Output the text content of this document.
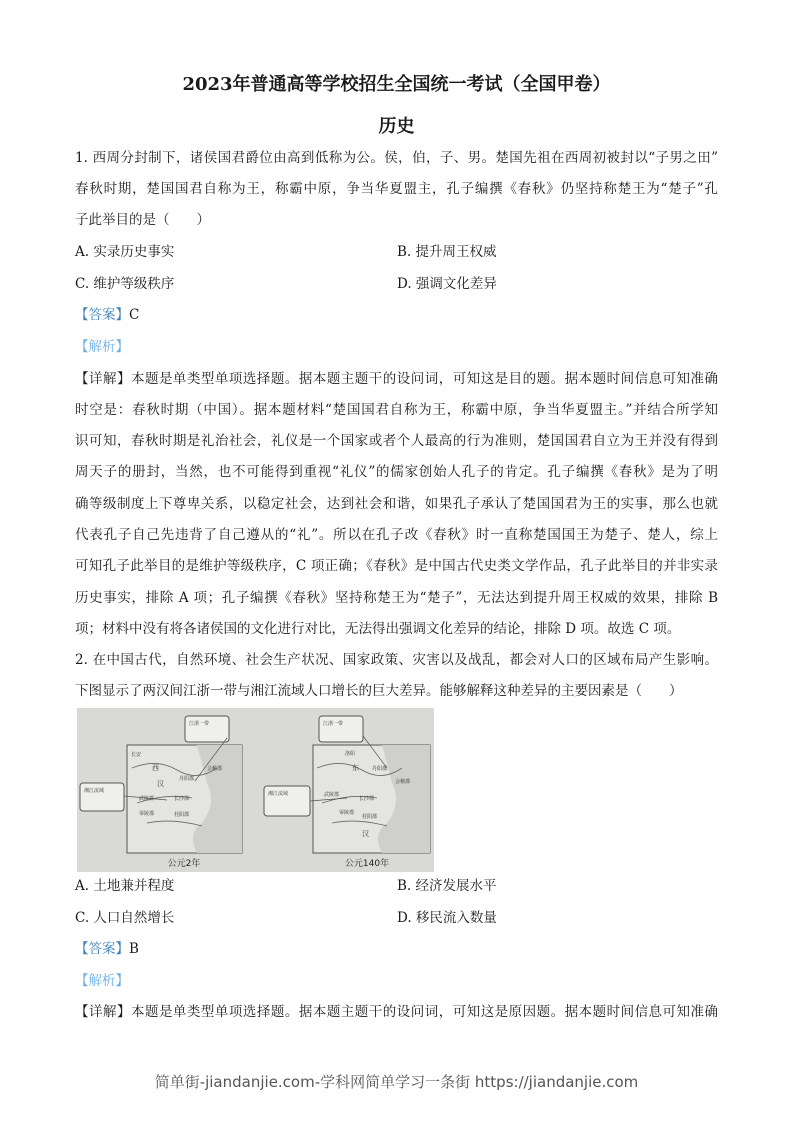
2023年普通高等学校招生全国统一考试（全国甲卷）
历史
1. 西周分封制下，诸侯国君爵位由高到低称为公。侯，伯，子、男。楚国先祖在西周初被封以“子男之田”
春秋时期，楚国国君自称为王，称霸中原，争当华夏盟主，孔子编撰《春秋》仍坚持称楚王为“楚子”孔
子此举目的是（　　）
A. 实录历史事实	B. 提升周王权威
C. 维护等级秩序	D. 强调文化差异
【答案】C
【解析】
【详解】本题是单类型单项选择题。据本题主题干的设问词，可知这是目的题。据本题时间信息可知准确
时空是：春秋时期（中国）。据本题材料“楚国国君自称为王，称霸中原，争当华夏盟主。”并结合所学知
识可知，春秋时期是礼治社会，礼仪是一个国家或者个人最高的行为准则，楚国国君自立为王并没有得到
周天子的册封，当然，也不可能得到重视“礼仪”的儒家创始人孔子的肯定。孔子编撰《春秋》是为了明
确等级制度上下尊卑关系，以稳定社会，达到社会和谐，如果孔子承认了楚国国君为王的实事，那么也就
代表孔子自己先违背了自己遵从的“礼”。所以在孔子改《春秋》时一直称楚国国王为楚子、楚人，综上
可知孔子此举目的是维护等级秩序，C 项正确；《春秋》是中国古代史类文学作品，孔子此举目的并非实录
历史事实，排除 A 项；孔子编撰《春秋》坚持称楚王为“楚子”，无法达到提升周王权威的效果，排除 B
项；材料中没有将各诸侯国的文化进行对比，无法得出强调文化差异的结论，排除 D 项。故选 C 项。
2. 在中国古代，自然环境、社会生产状况、国家政策、灾害以及战乱，都会对人口的区域布局产生影响。
下图显示了两汉间江浙一带与湘江流域人口增长的巨大差异。能够解释这种差异的主要因素是（　　）
江浙一带
湘江流域
长安
西
汉
武陵郡	长沙郡
零陵郡	桂阳郡
丹阳郡
会稽郡
公元2年
江浙一带
湘江流域
洛阳
东
汉
武陵郡
长沙郡
零陵郡
桂阳郡
丹阳郡
会稽郡
公元140年
A. 土地兼并程度	B. 经济发展水平
C. 人口自然增长	D. 移民流入数量
【答案】B
【解析】
【详解】本题是单类型单项选择题。据本题主题干的设问词，可知这是原因题。据本题时间信息可知准确
简单街-jiandanjie.com-学科网简单学习一条街 https://jiandanjie.com
